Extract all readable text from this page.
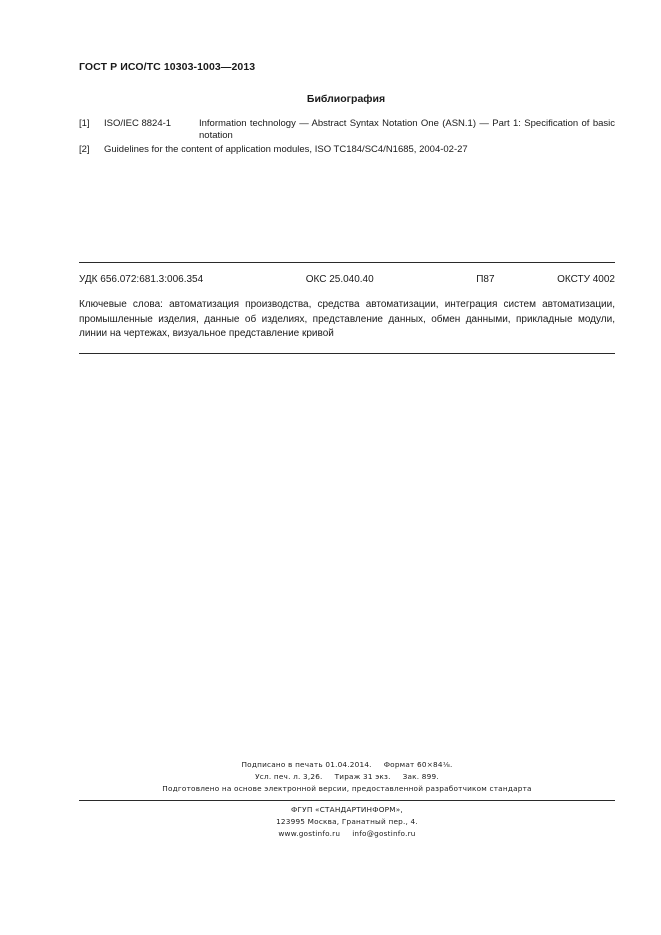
ГОСТ Р ИСО/ТС 10303-1003—2013
Библиография
[1] ISO/IEC 8824-1	Information technology — Abstract Syntax Notation One (ASN.1) — Part 1: Specification of basic notation
[2] Guidelines for the content of application modules, ISO TC184/SC4/N1685, 2004-02-27
УДК 656.072:681.3:006.354	ОКС 25.040.40	П87	ОКСТУ 4002
Ключевые слова: автоматизация производства, средства автоматизации, интеграция систем автоматизации, промышленные изделия, данные об изделиях, представление данных, обмен данными, прикладные модули, линии на чертежах, визуальное представление кривой
Подписано в печать 01.04.2014. Формат 60×84⅛.
Усл. печ. л. 3,26. Тираж 31 экз. Зак. 899.
Подготовлено на основе электронной версии, предоставленной разработчиком стандарта
ФГУП «СТАНДАРТИНФОРМ»,
123995 Москва, Гранатный пер., 4.
www.gostinfo.ru info@gostinfo.ru
